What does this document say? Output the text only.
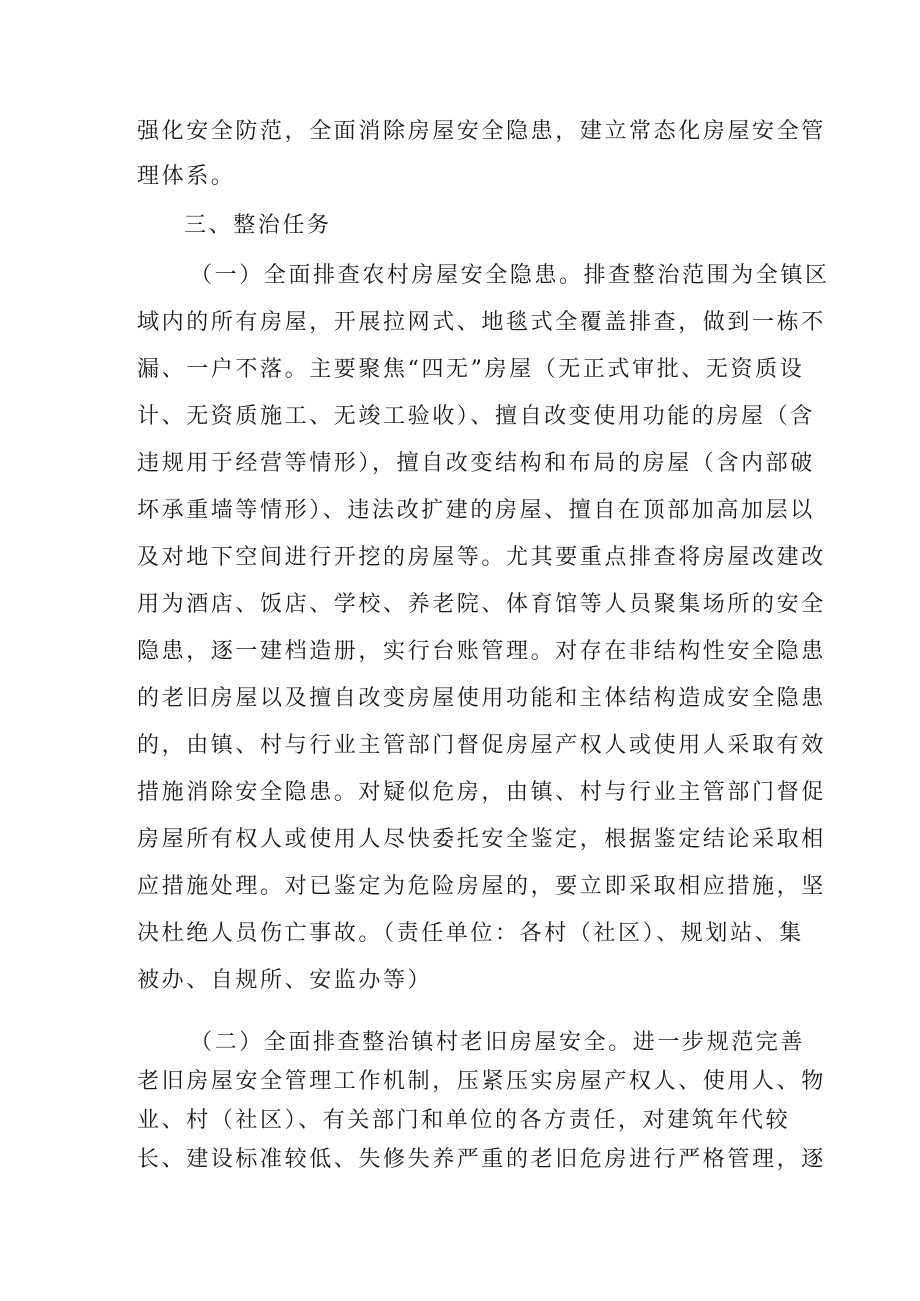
强化安全防范，全面消除房屋安全隐患，建立常态化房屋安全管
理体系。
三、整治任务
（一）全面排查农村房屋安全隐患。排查整治范围为全镇区
域内的所有房屋，开展拉网式、地毯式全覆盖排查，做到一栋不
漏、一户不落。主要聚焦“四无”房屋（无正式审批、无资质设
计、无资质施工、无竣工验收）、擅自改变使用功能的房屋（含
违规用于经营等情形），擅自改变结构和布局的房屋（含内部破
坏承重墙等情形）、违法改扩建的房屋、擅自在顶部加高加层以
及对地下空间进行开挖的房屋等。尤其要重点排查将房屋改建改
用为酒店、饭店、学校、养老院、体育馆等人员聚集场所的安全
隐患，逐一建档造册，实行台账管理。对存在非结构性安全隐患
的老旧房屋以及擅自改变房屋使用功能和主体结构造成安全隐患
的，由镇、村与行业主管部门督促房屋产权人或使用人采取有效
措施消除安全隐患。对疑似危房，由镇、村与行业主管部门督促
房屋所有权人或使用人尽快委托安全鉴定，根据鉴定结论采取相
应措施处理。对已鉴定为危险房屋的，要立即采取相应措施，坚
决杜绝人员伤亡事故。（责任单位：各村（社区）、规划站、集
被办、自规所、安监办等）
（二）全面排查整治镇村老旧房屋安全。进一步规范完善
老旧房屋安全管理工作机制，压紧压实房屋产权人、使用人、物
业、村（社区）、有关部门和单位的各方责任，对建筑年代较
长、建设标准较低、失修失养严重的老旧危房进行严格管理，逐
